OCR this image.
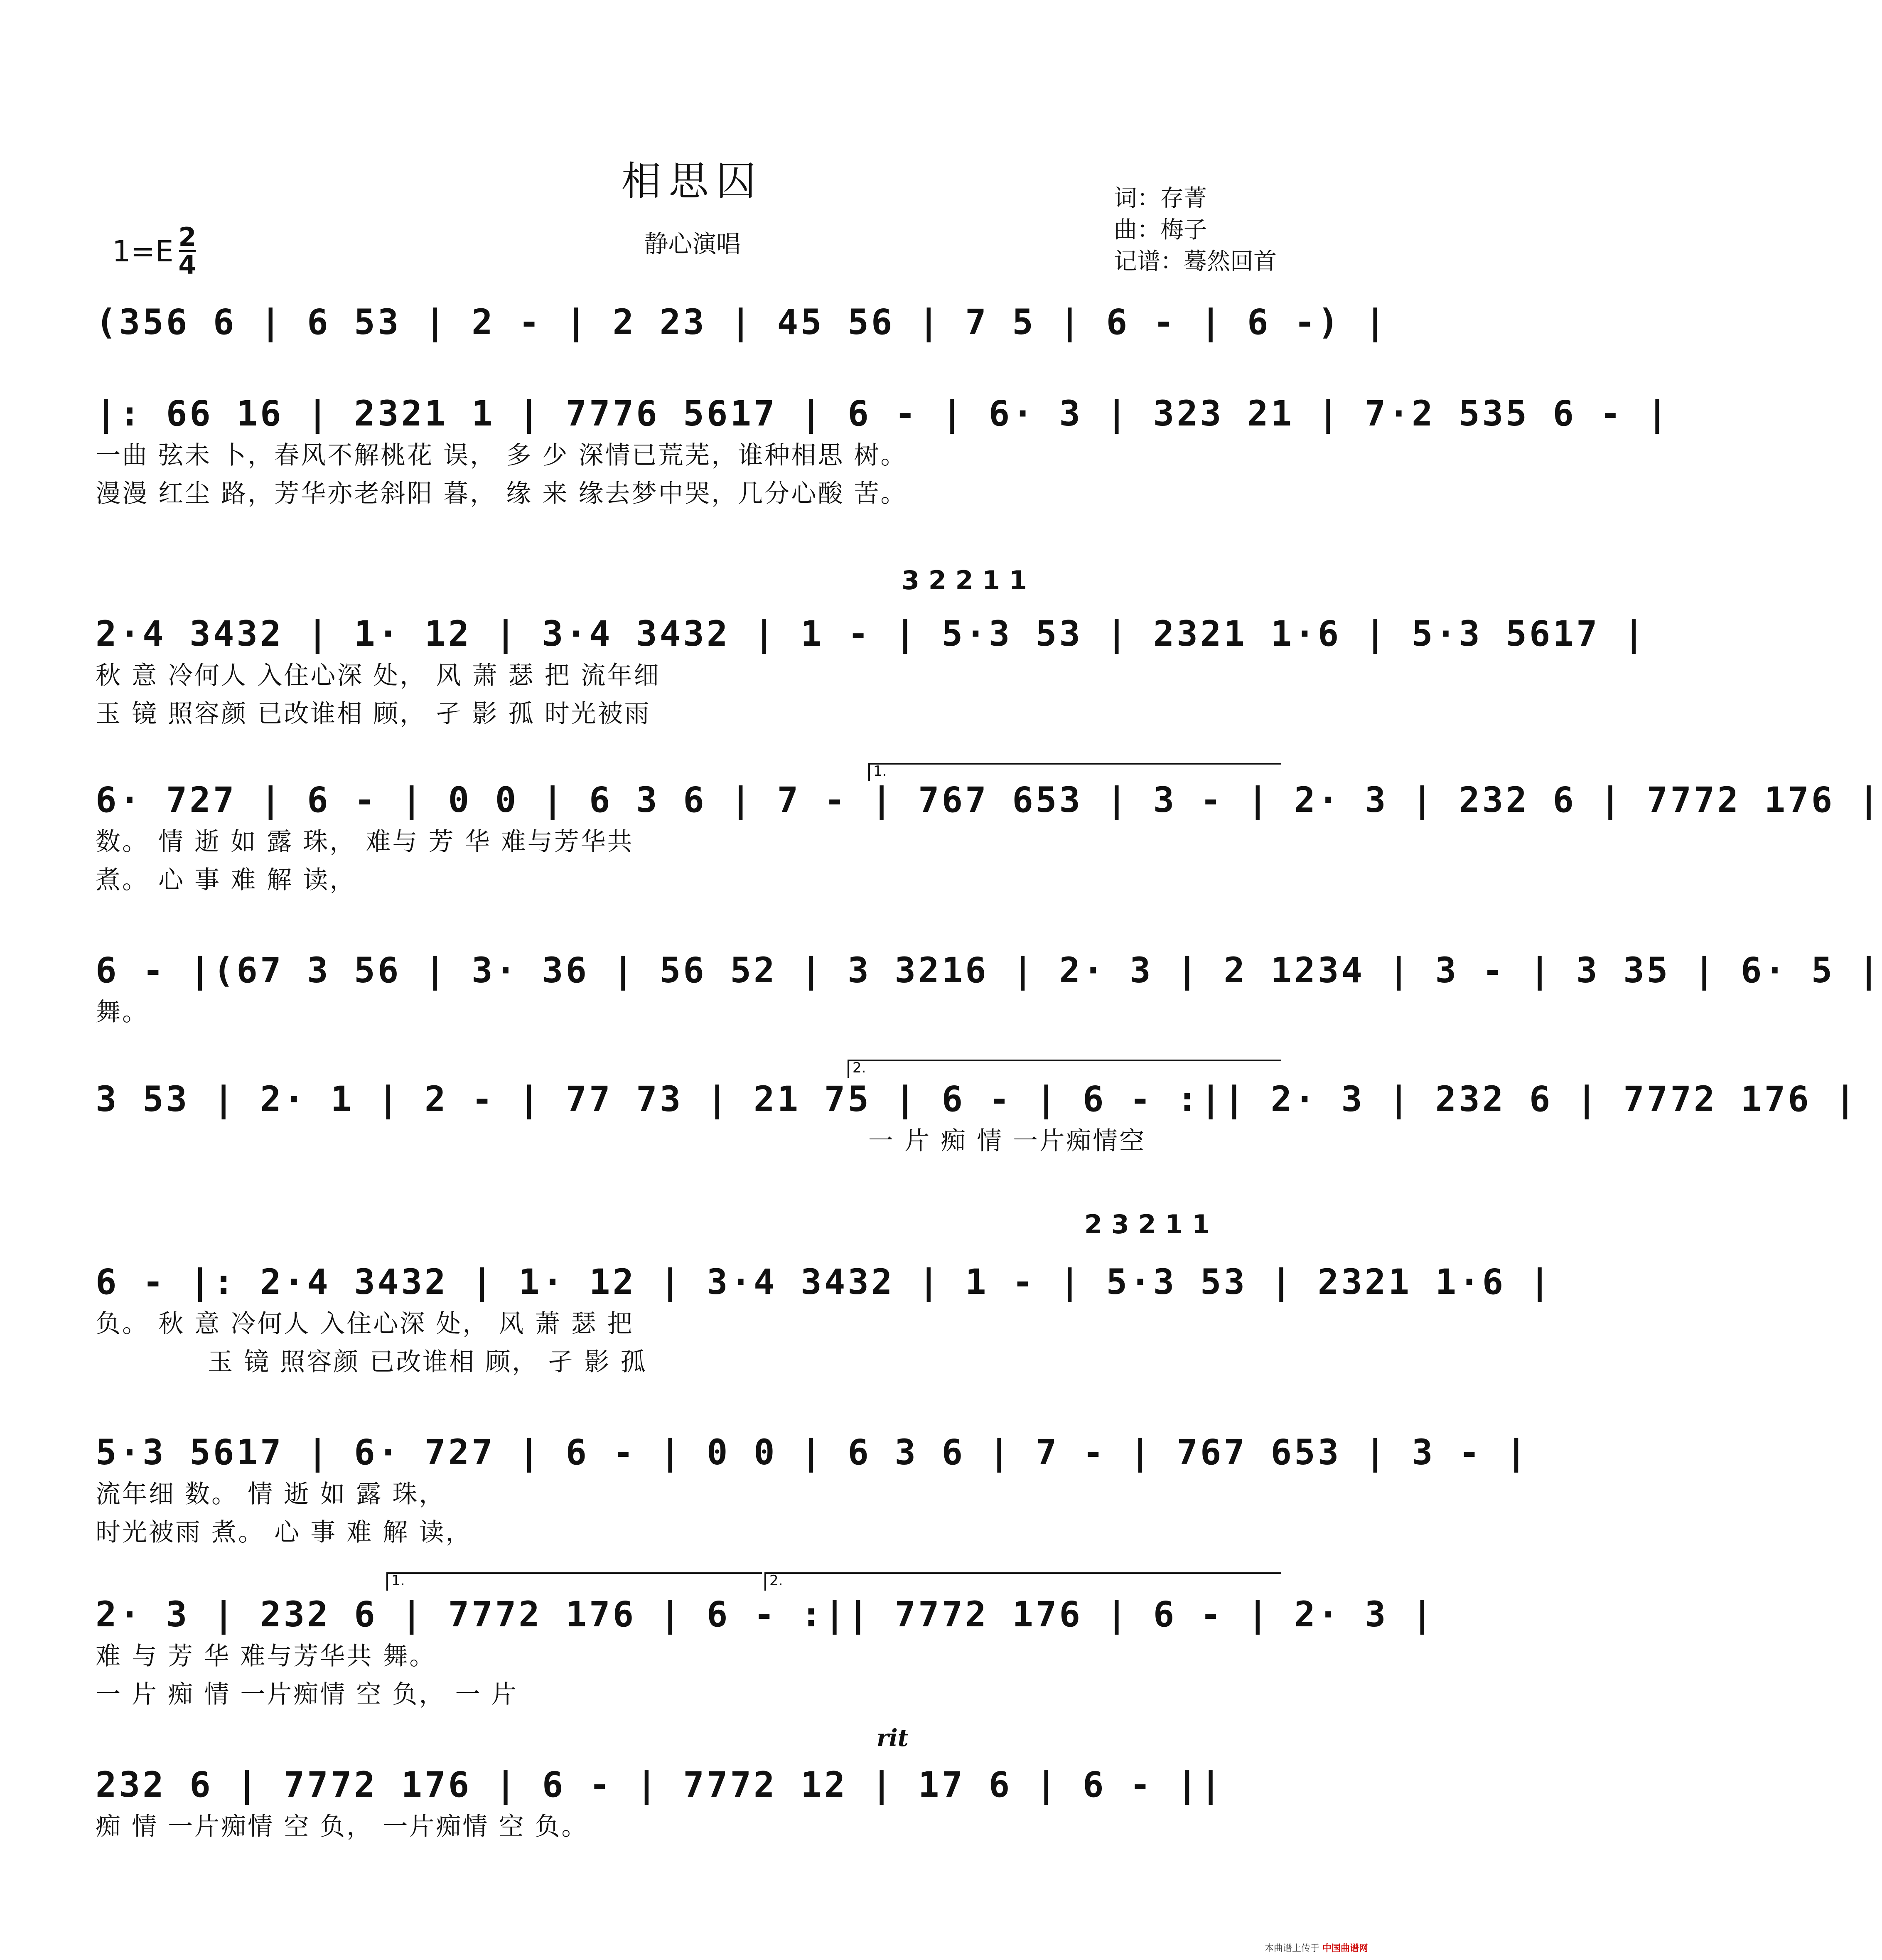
相思囚
静心演唱
词：存菁
曲：梅子
记谱：蓦然回首
1=E 2
4
(356 6 | 6 53 | 2 - | 2 23 | 45 56 | 7 5 | 6 - | 6 -) |
|: 66 16 | 2321 1 | 7776 5617 | 6 - | 6· 3 | 323 21 | 7·2 535 6 - |
一曲 弦未 卜，春风不解桃花 误， 多 少 深情已荒芜，谁种相思 树。
漫漫 红尘 路，芳华亦老斜阳 暮， 缘 来 缘去梦中哭，几分心酸 苦。
3 2 2 1 1
2·4 3432 | 1· 12 | 3·4 3432 | 1 - | 5·3 53 | 2321 1·6 | 5·3 5617 |
秋 意 冷何人 入住心深 处， 风 萧 瑟 把 流年细
玉 镜 照容颜 已改谁相 顾， 孑 影 孤 时光被雨
1.
6· 727 | 6 - | 0 0 | 6 3 6 | 7 - | 767 653 | 3 - | 2· 3 | 232 6 | 7772 176 |
数。 情 逝 如 露 珠， 难与 芳 华 难与芳华共
煮。 心 事 难 解 读，
6 - |(67 3 56 | 3· 36 | 56 52 | 3 3216 | 2· 3 | 2 1234 | 3 - | 3 35 | 6· 5 |
舞。
2.
3 53 | 2· 1 | 2 - | 77 73 | 21 75 | 6 - | 6 - :|| 2· 3 | 232 6 | 7772 176 |
一 片 痴 情 一片痴情空
2 3 2 1 1
6 - |: 2·4 3432 | 1· 12 | 3·4 3432 | 1 - | 5·3 53 | 2321 1·6 |
负。 秋 意 冷何人 入住心深 处， 风 萧 瑟 把
玉 镜 照容颜 已改谁相 顾， 孑 影 孤
5·3 5617 | 6· 727 | 6 - | 0 0 | 6 3 6 | 7 - | 767 653 | 3 - |
流年细 数。 情 逝 如 露 珠，
时光被雨 煮。 心 事 难 解 读，
1.	2.
2· 3 | 232 6 | 7772 176 | 6 - :|| 7772 176 | 6 - | 2· 3 |
难 与 芳 华 难与芳华共 舞。
一 片 痴 情 一片痴情 空 负， 一 片
rit
232 6 | 7772 176 | 6 - | 7772 12 | 17 6 | 6 - ||
痴 情 一片痴情 空 负， 一片痴情 空 负。
本曲谱上传于 中国曲谱网
